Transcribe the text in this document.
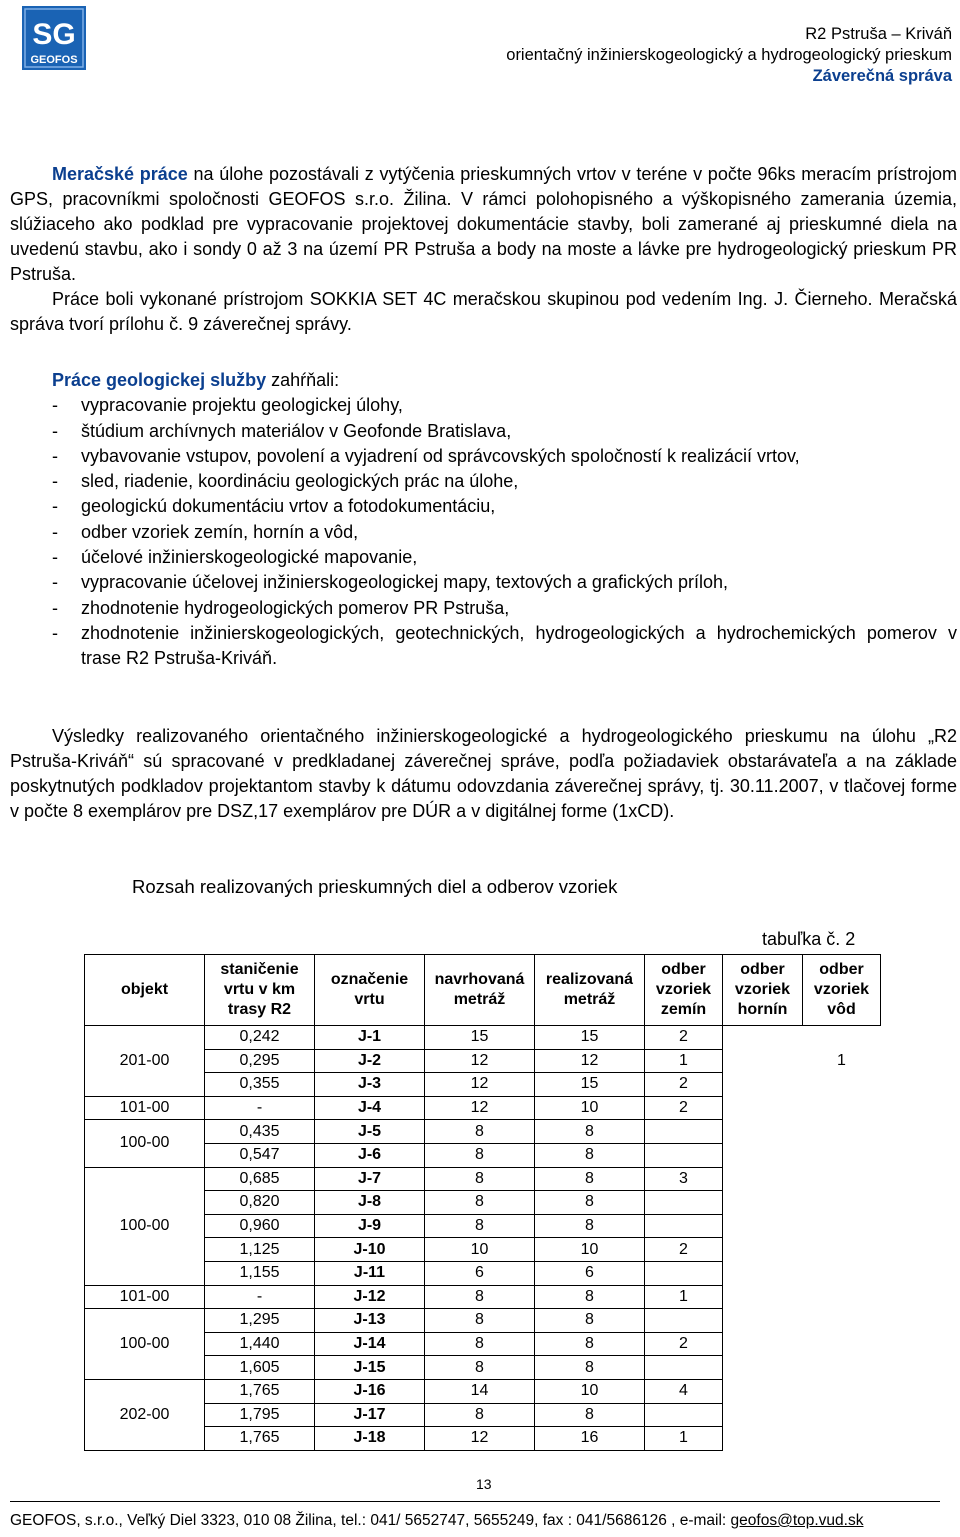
SG
GEOFOS
R2 Pstruša – Kriváň
orientačný inžinierskogeologický a hydrogeologický prieskum
Záverečná správa
Meračské práce na úlohe pozostávali z vytýčenia prieskumných vrtov v teréne v počte 96ks meracím prístrojom GPS, pracovníkmi spoločnosti GEOFOS s.r.o. Žilina. V rámci polohopisného a výškopisného zamerania územia, slúžiaceho ako podklad pre vypracovanie projektovej dokumentácie stavby, boli zamerané aj prieskumné diela na uvedenú stavbu, ako i sondy 0 až 3 na území PR Pstruša a body na moste a lávke pre hydrogeologický prieskum PR Pstruša.
Práce boli vykonané prístrojom SOKKIA SET 4C meračskou skupinou pod vedením Ing. J. Čierneho. Meračská správa tvorí prílohu č. 9 záverečnej správy.
Práce geologickej služby zahŕňali:
-	vypracovanie projektu geologickej úlohy,
-	štúdium archívnych materiálov v Geofonde Bratislava,
-	vybavovanie vstupov, povolení a vyjadrení od správcovských spoločností k realizácií vrtov,
-	sled, riadenie, koordináciu geologických prác na úlohe,
-	geologickú dokumentáciu vrtov a fotodokumentáciu,
-	odber vzoriek zemín, hornín a vôd,
-	účelové inžinierskogeologické mapovanie,
-	vypracovanie účelovej inžinierskogeologickej mapy, textových a grafických príloh,
-	zhodnotenie hydrogeologických pomerov PR Pstruša,
-	zhodnotenie inžinierskogeologických, geotechnických, hydrogeologických a hydrochemických pomerov v trase R2 Pstruša-Kriváň.
Výsledky realizovaného orientačného inžinierskogeologické a hydrogeologického prieskumu na úlohu „R2 Pstruša-Kriváň“ sú spracované v predkladanej záverečnej správe, podľa požiadaviek obstarávateľa a na základe poskytnutých podkladov projektantom stavby k dátumu odovzdania záverečnej správy, tj. 30.11.2007, v tlačovej forme v počte 8 exemplárov pre DSZ,17 exemplárov pre DÚR a v digitálnej forme (1xCD).
Rozsah realizovaných prieskumných diel a odberov vzoriek
tabuľka č. 2
objekt	staničenie vrtu v km trasy R2	označenie vrtu	navrhovaná metráž	realizovaná metráž	odber vzoriek zemín	odber vzoriek hornín	odber vzoriek vôd
201-00	0,242	J-1	15	15	2		
	0,295	J-2	12	12	1		1
	0,355	J-3	12	15	2		
101-00	-	J-4	12	10	2		
100-00	0,435	J-5	8	8			
	0,547	J-6	8	8			
100-00	0,685	J-7	8	8	3		
	0,820	J-8	8	8			
	0,960	J-9	8	8			
	1,125	J-10	10	10	2		
	1,155	J-11	6	6			
101-00	-	J-12	8	8	1		
100-00	1,295	J-13	8	8			
	1,440	J-14	8	8	2		
	1,605	J-15	8	8			
202-00	1,765	J-16	14	10	4		
	1,795	J-17	8	8			
	1,765	J-18	12	16	1		
13
GEOFOS, s.r.o., Veľký Diel 3323, 010 08 Žilina, tel.: 041/ 5652747, 5655249, fax : 041/5686126 , e-mail: geofos@top.vud.sk
